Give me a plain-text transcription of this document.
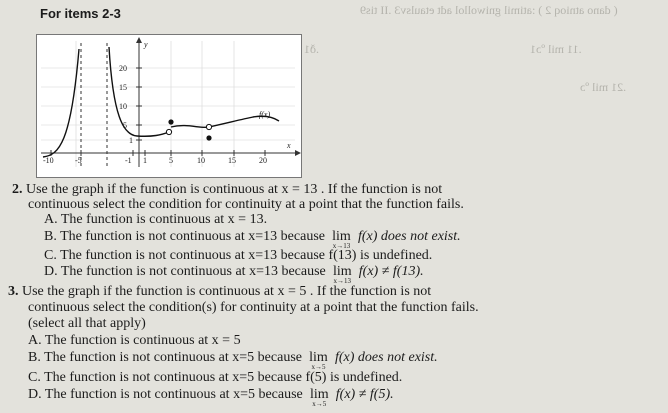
For items 2-3	( dano atnioq 2 ) :atimil gniwollol adt etaulsv3 .II tis9
.ð1	.11 mil ºɔ1
.21 mil ºɔ
-10	-5	-1 1	5	10	15	20
20
15
10
5
1
x
y
f(x)
2. Use the graph if the function is continuous at x = 13 . If the function is not
continuous select the condition for continuity at a point that the function fails.
A. The function is continuous at x = 13.
B. The function is not continuous at x=13 because lim
x→13
f(x) does not exist.
C. The function is not continuous at x=13 because f(13) is undefined.
D. The function is not continuous at x=13 because lim
x→13
f(x) ≠ f(13).
3. Use the graph if the function is continuous at x = 5 . If the function is not
continuous select the condition(s) for continuity at a point that the function fails.
(select all that apply)
A. The function is continuous at x = 5
B. The function is not continuous at x=5 because lim
x→5
f(x) does not exist.
C. The function is not continuous at x=5 because f(5) is undefined.
D. The function is not continuous at x=5 because lim
x→5
f(x) ≠ f(5).
